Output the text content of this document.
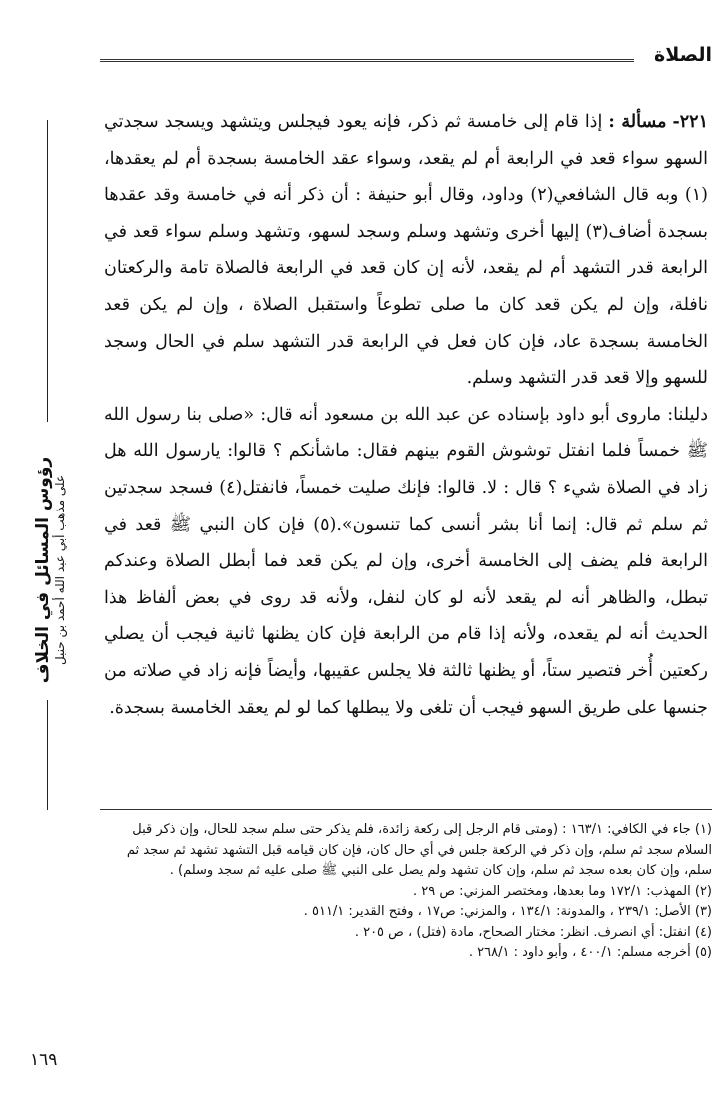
الصلاة
رؤوس المسائل في الخلاف على مذهب أبي عبد الله أحمد بن حنبل

٢٢١- مسألة : إذا قام إلى خامسة ثم ذكر، فإنه يعود فيجلس ويتشهد ويسجد سجدتي السهو سواء قعد في الرابعة أم لم يقعد، وسواء عقد الخامسة بسجدة أم لم يعقدها،(١) وبه قال الشافعي(٢) وداود، وقال أبو حنيفة : أن ذكر أنه في خامسة وقد عقدها بسجدة أضاف(٣) إليها أخرى وتشهد وسلم وسجد لسهو، وتشهد وسلم سواء قعد في الرابعة قدر التشهد أم لم يقعد، لأنه إن كان قعد في الرابعة فالصلاة تامة والركعتان نافلة، وإن لم يكن قعد كان ما صلى تطوعاً واستقبل الصلاة ، وإن لم يكن قعد الخامسة بسجدة عاد، فإن كان فعل في الرابعة قدر التشهد سلم في الحال وسجد للسهو وإلا قعد قدر التشهد وسلم.

دليلنا: ماروى أبو داود بإسناده عن عبد الله بن مسعود أنه قال: «صلى بنا رسول الله ﷺ خمساً فلما انفتل توشوش القوم بينهم فقال: ماشأنكم ؟ قالوا: يارسول الله هل زاد في الصلاة شيء ؟ قال : لا. قالوا: فإنك صليت خمساً، فانفتل(٤) فسجد سجدتين ثم سلم ثم قال: إنما أنا بشر أنسى كما تنسون».(٥) فإن كان النبي ﷺ قعد في الرابعة فلم يضف إلى الخامسة أخرى، وإن لم يكن قعد فما أبطل الصلاة وعندكم تبطل، والظاهر أنه لم يقعد لأنه لو كان لنفل، ولأنه قد روى في بعض ألفاظ هذا الحديث أنه لم يقعده، ولأنه إذا قام من الرابعة فإن كان يظنها ثانية فيجب أن يصلي ركعتين أُخر فتصير ستاً، أو يظنها ثالثة فلا يجلس عقيبها، وأيضاً فإنه زاد في صلاته من جنسها على طريق السهو فيجب أن تلغى ولا يبطلها كما لو لم يعقد الخامسة بسجدة.

(١) جاء في الكافي: ١٦٣/١ : (ومتى قام الرجل إلى ركعة زائدة، فلم يذكر حتى سلم سجد للحال، وإن ذكر قبل السلام سجد ثم سلم، وإن ذكر في الركعة جلس في أي حال كان، فإن كان قيامه قبل التشهد تشهد ثم سجد ثم سلم، وإن كان بعده سجد ثم سلم، وإن كان تشهد ولم يصل على النبي ﷺ صلى عليه ثم سجد وسلم) .

(٢) المهذب: ١٧٢/١ وما بعدها، ومختصر المزني: ص ٢٩ .

(٣) الأصل: ٢٣٩/١ ، والمدونة: ١٣٤/١ ، والمزني: ص١٧ ، وفتح القدير: ٥١١/١ .

(٤) انفتل: أي انصرف. انظر: مختار الصحاح، مادة (فتل) ، ص ٢٠٥ .

(٥) أخرجه مسلم: ٤٠٠/١ ، وأبو داود : ٢٦٨/١ .

١٦٩
